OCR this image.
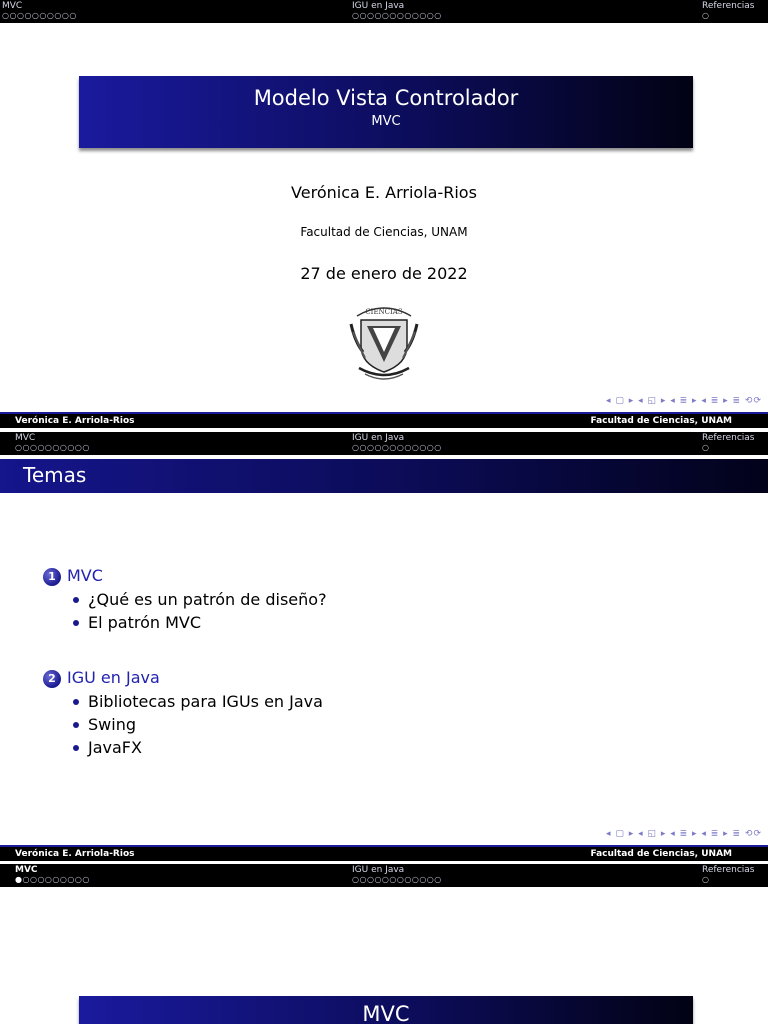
MVC
○○○○○○○○○○
IGU en Java
○○○○○○○○○○○○
Referencias
○
Modelo Vista Controlador
MVC
Verónica E. Arriola-Rios
Facultad de Ciencias, UNAM
27 de enero de 2022
CIENCIAS
◂ ▢ ▸ ◂ ◱ ▸ ◂ ≣ ▸ ◂ ≣ ▸ ≣ ⟲⟳
Verónica E. Arriola-Rios	Facultad de Ciencias, UNAM
MVC
○○○○○○○○○○
IGU en Java
○○○○○○○○○○○○
Referencias
○
Temas
1 MVC
¿Qué es un patrón de diseño?
El patrón MVC
2 IGU en Java
Bibliotecas para IGUs en Java
Swing
JavaFX
◂ ▢ ▸ ◂ ◱ ▸ ◂ ≣ ▸ ◂ ≣ ▸ ≣ ⟲⟳
Verónica E. Arriola-Rios	Facultad de Ciencias, UNAM
MVC
●○○○○○○○○○
IGU en Java
○○○○○○○○○○○○
Referencias
○
MVC
